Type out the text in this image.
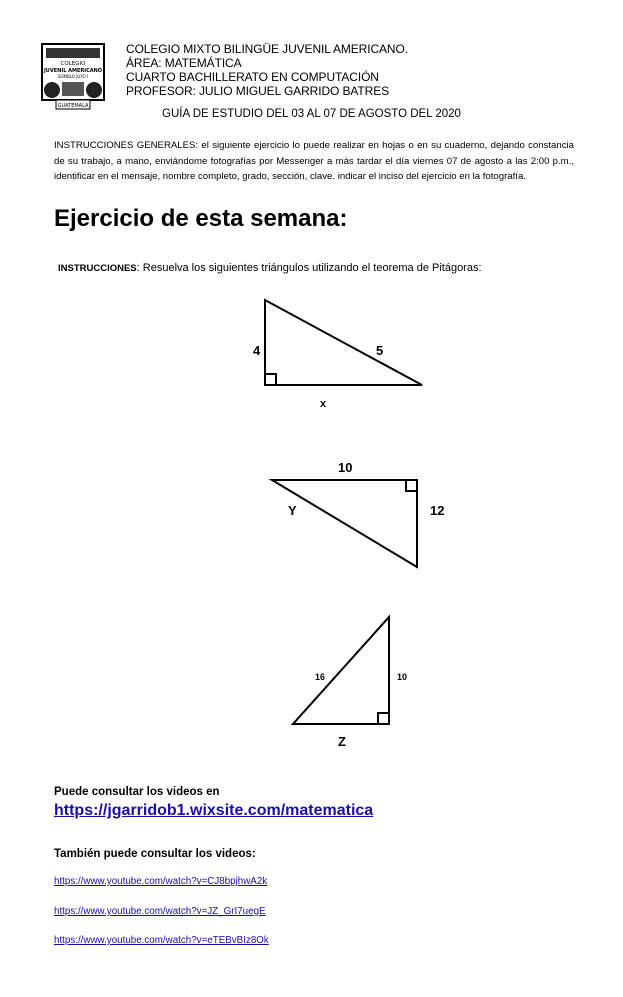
COLEGIO
JUVENIL AMERICANO
SOMBLO JUYO I
GUATEMALA
COLEGIO MIXTO BILINGÜE JUVENIL AMERICANO.
ÁREA: MATEMÁTICA
CUARTO BACHILLERATO EN COMPUTACIÓN
PROFESOR: JULIO MIGUEL GARRIDO BATRES
GUÍA DE ESTUDIO DEL 03 AL 07 DE AGOSTO DEL 2020
INSTRUCCIONES GENERALES: el siguiente ejercicio lo puede realizar en hojas o en su cuaderno, dejando constancia de su trabajo, a mano, enviándome fotografías por Messenger a más tardar el día viernes 07 de agosto a las 2:00 p.m., identificar en el mensaje, nombre completo, grado, sección, clave. indicar el inciso del ejercicio en la fotografía.
Ejercicio de esta semana:
INSTRUCCIONES: Resuelva los siguientes triángulos utilizando el teorema de Pitágoras:
4	5
x
10
12
Y
16	10
Z
Puede consultar los videos en
https://jgarridob1.wixsite.com/matematica
También puede consultar los videos:
https://www.youtube.com/watch?v=CJ8bpjhwA2k
https://www.youtube.com/watch?v=JZ_GrI7uegE
https://www.youtube.com/watch?v=eTEBvBIz8Ok
